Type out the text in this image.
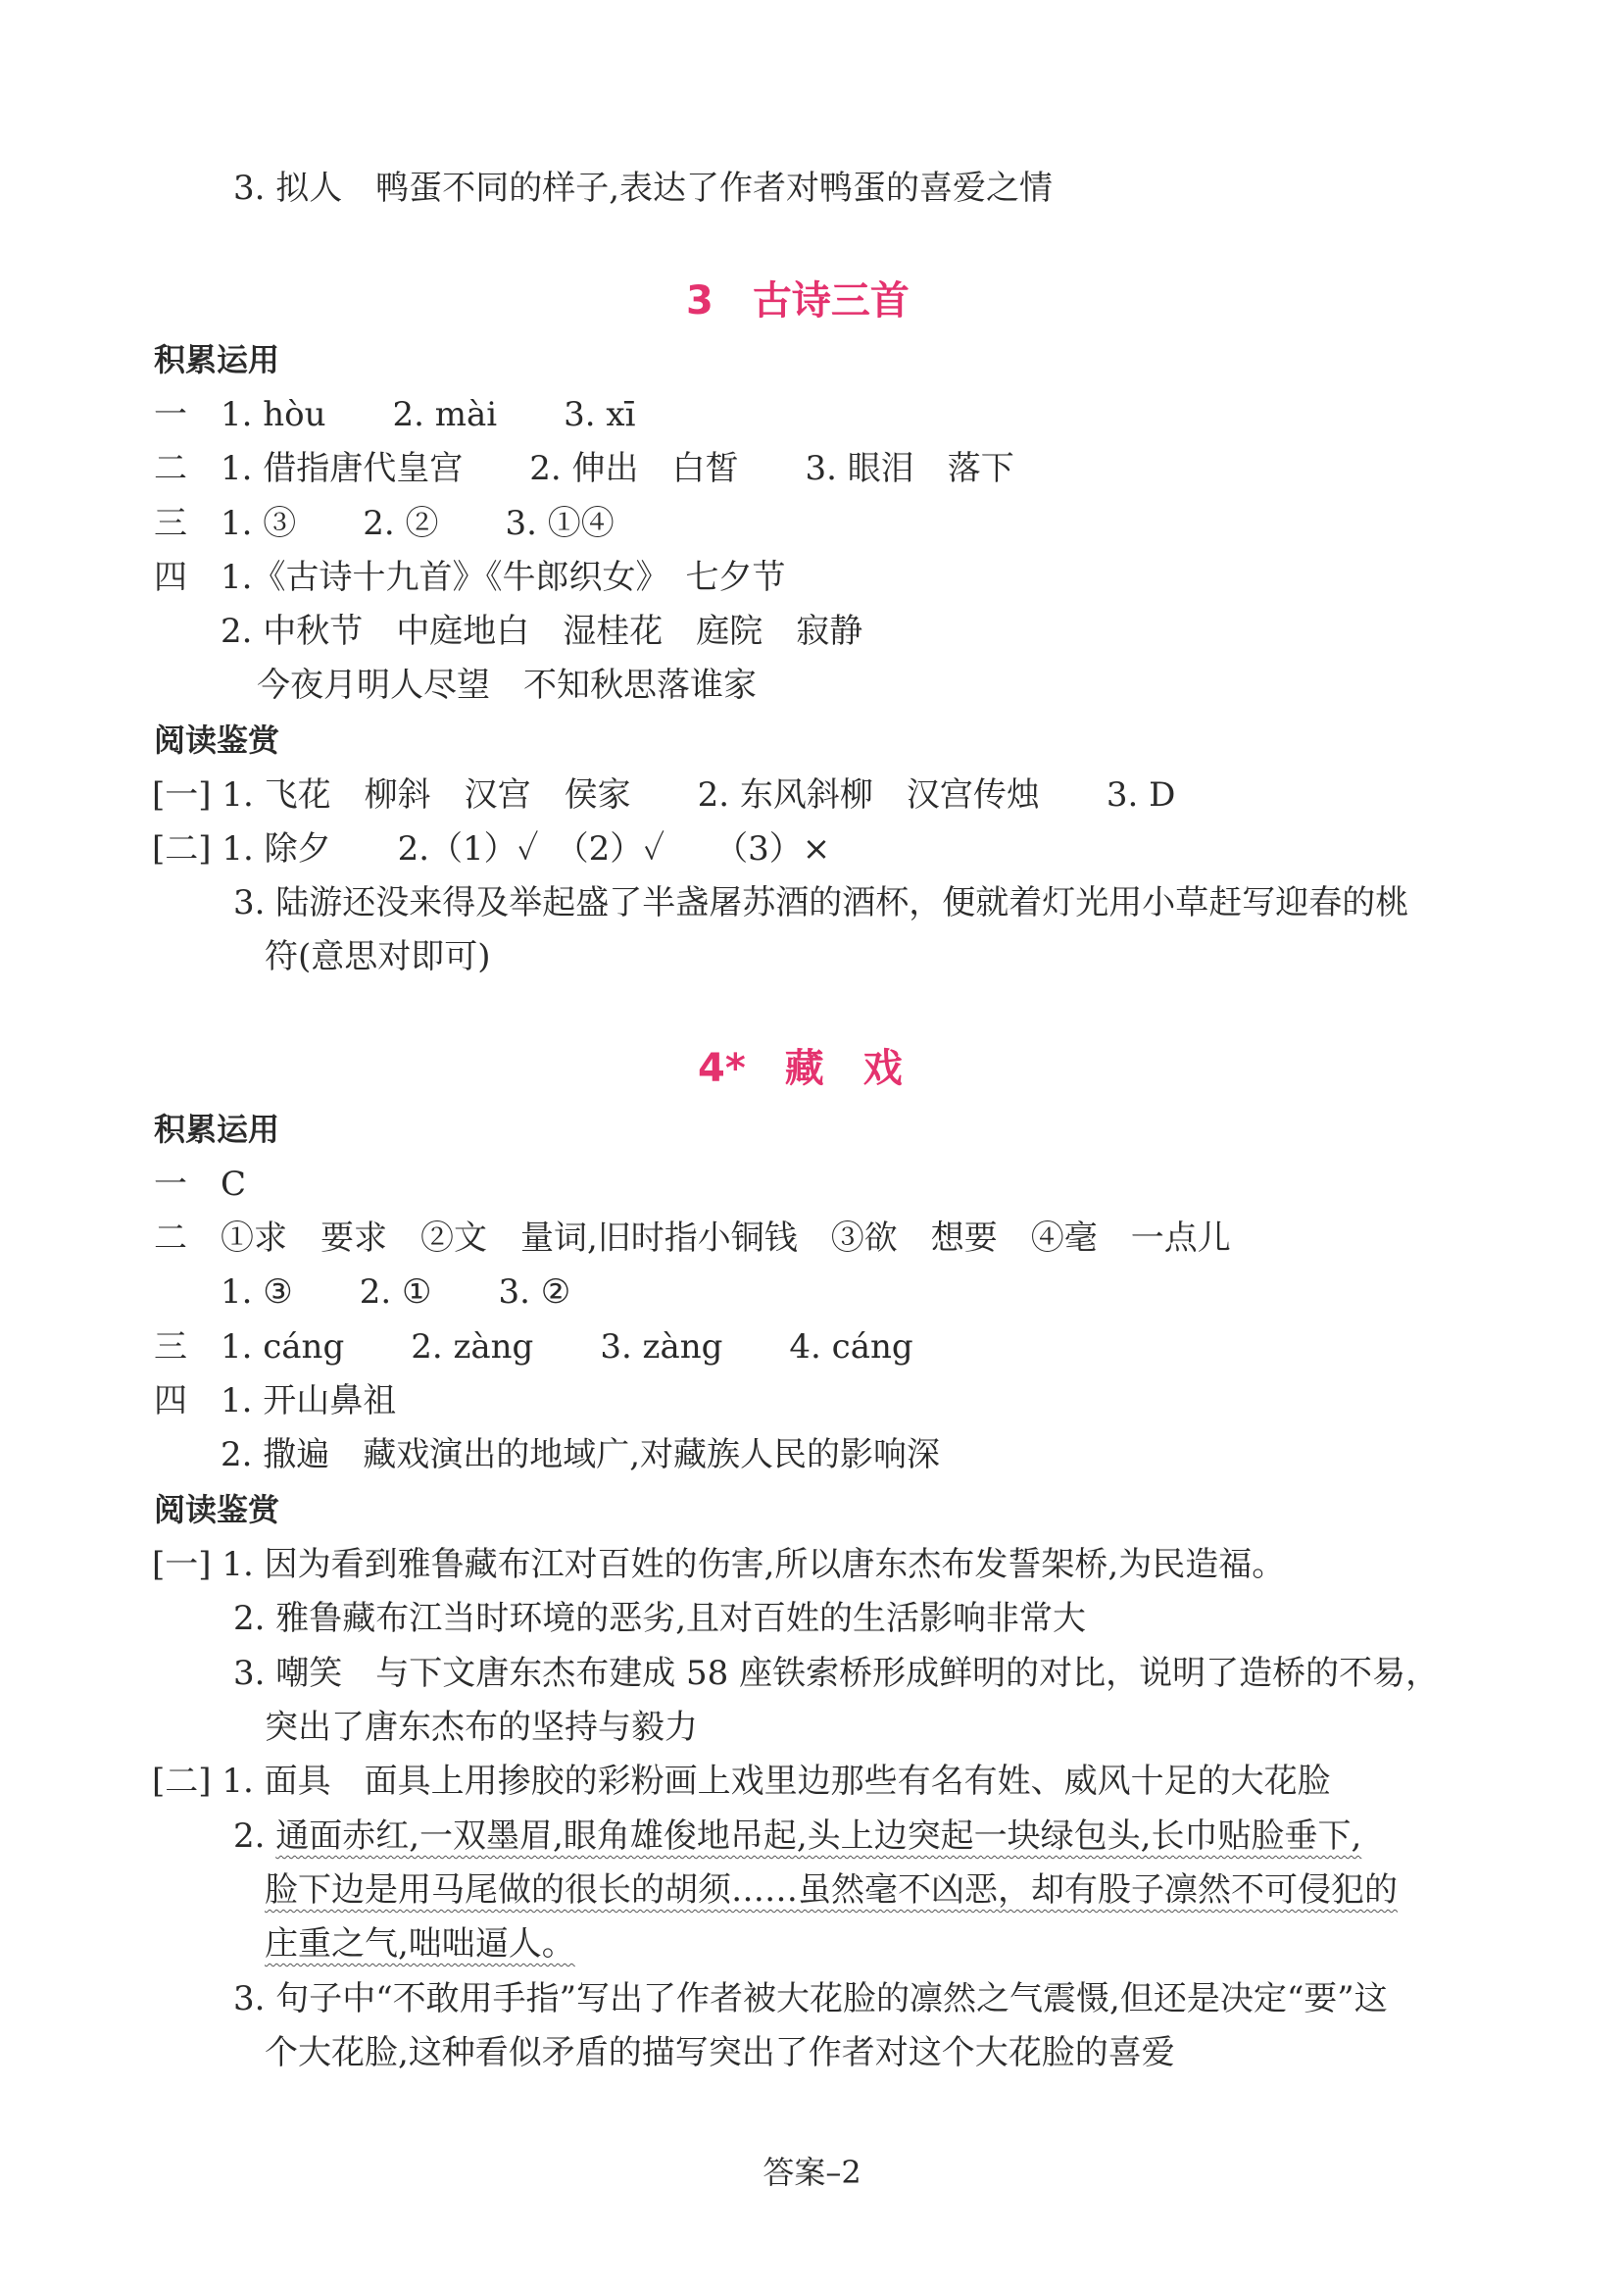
3. 拟人　鸭蛋不同的样子,表达了作者对鸭蛋的喜爱之情
3　古诗三首
积累运用
一　1. hòu　　2. mài　　3. xī
二　1. 借指唐代皇宫　　2. 伸出　白皙　　3. 眼泪　落下
三　1. ③　　2. ②　　3. ①④
四　1.《古诗十九首》《牛郎织女》　七夕节
2. 中秋节　中庭地白　湿桂花　庭院　寂静
今夜月明人尽望　不知秋思落谁家
阅读鉴赏
[一] 1. 飞花　柳斜　汉宫　侯家　　2. 东风斜柳　汉宫传烛　　3. D
[二] 1. 除夕　　2.（1）✓　（2）✓　　（3）×
3. 陆游还没来得及举起盛了半盏屠苏酒的酒杯，便就着灯光用小草赶写迎春的桃
符(意思对即可)
4*　藏　戏
积累运用
一　C
二　①求　要求　②文　量词,旧时指小铜钱　③欲　想要　④毫　一点儿
1. ③　　2. ①　　3. ②
三　1. cáng　　2. zàng　　3. zàng　　4. cáng
四　1. 开山鼻祖
2. 撒遍　藏戏演出的地域广,对藏族人民的影响深
阅读鉴赏
[一] 1. 因为看到雅鲁藏布江对百姓的伤害,所以唐东杰布发誓架桥,为民造福。
2. 雅鲁藏布江当时环境的恶劣,且对百姓的生活影响非常大
3. 嘲笑　与下文唐东杰布建成 58 座铁索桥形成鲜明的对比，说明了造桥的不易，
突出了唐东杰布的坚持与毅力
[二] 1. 面具　面具上用掺胶的彩粉画上戏里边那些有名有姓、威风十足的大花脸
2. 通面赤红,一双墨眉,眼角雄俊地吊起,头上边突起一块绿包头,长巾贴脸垂下,
脸下边是用马尾做的很长的胡须……虽然毫不凶恶，却有股子凛然不可侵犯的
庄重之气,咄咄逼人。
3. 句子中“不敢用手指”写出了作者被大花脸的凛然之气震慑,但还是决定“要”这
个大花脸,这种看似矛盾的描写突出了作者对这个大花脸的喜爱
答案–2
